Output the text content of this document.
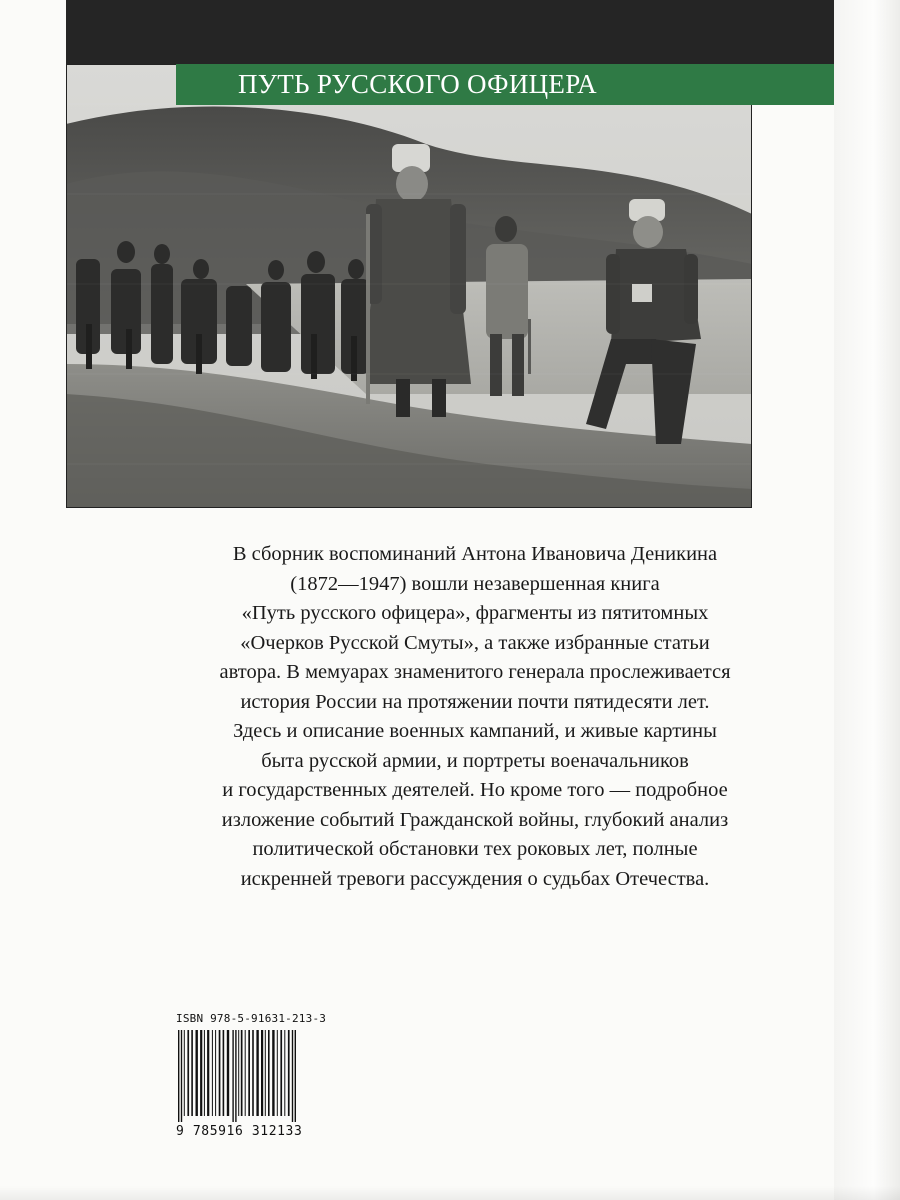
ПУТЬ РУССКОГО ОФИЦЕРА
В сборник воспоминаний Антона Ивановича Деникина
(1872—1947) вошли незавершенная книга
«Путь русского офицера», фрагменты из пятитомных
«Очерков Русской Смуты», а также избранные статьи
автора. В мемуарах знаменитого генерала прослеживается
история России на протяжении почти пятидесяти лет.
Здесь и описание военных кампаний, и живые картины
быта русской армии, и портреты военачальников
и государственных деятелей. Но кроме того — подробное
изложение событий Гражданской войны, глубокий анализ
политической обстановки тех роковых лет, полные
искренней тревоги рассуждения о судьбах Отечества.
ISBN 978-5-91631-213-3
9 785916 312133
